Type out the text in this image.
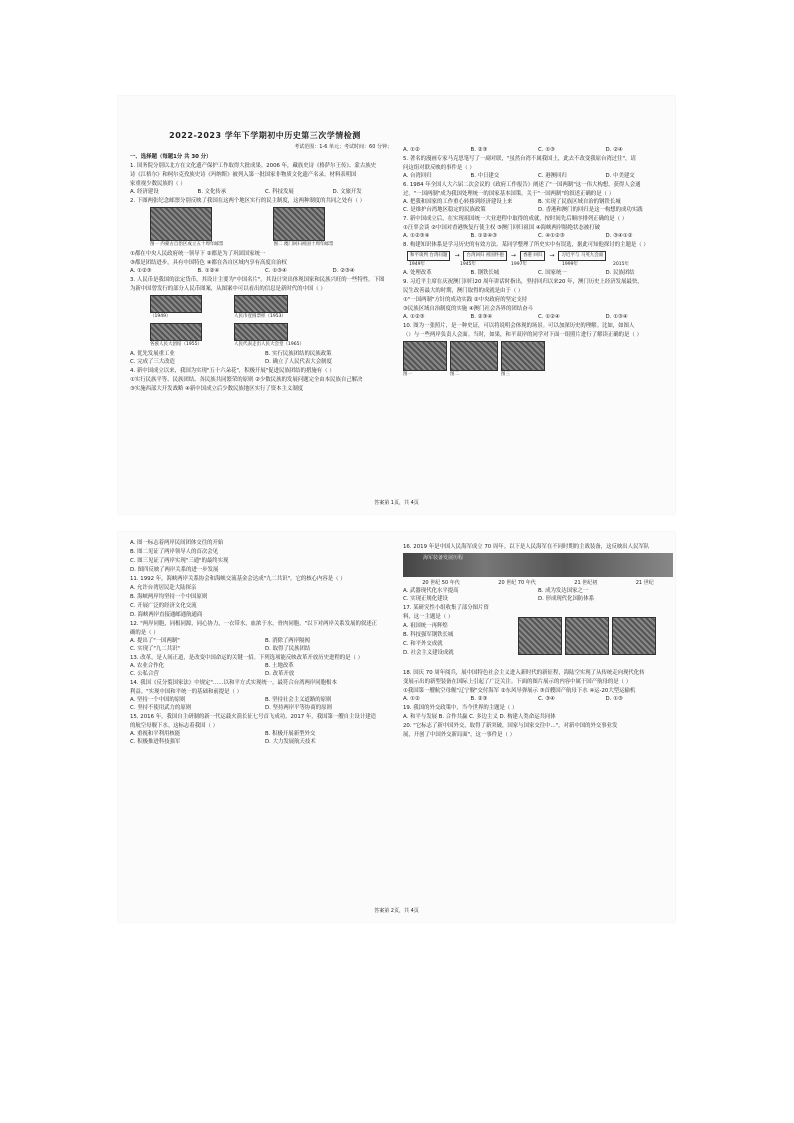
2022-2023 学年下学期初中历史第三次学情检测
考试范围：1-6 单元；考试时间：60 分钟；
一、选择题（每题1分 共 30 分）
1. 国务院分别以北方在文化遗产保护工作取得大批成果。2006 年，藏族史诗《格萨尔王传》、蒙古族史
诗《江格尔》和柯尔克孜族史诗《玛纳斯》被列入第一批国家非物质文化遗产名录。材料表明国
家重视少数民族的（ ）
A. 经济建设	B. 文化传承	C. 科技发展	D. 文旅开发
2. 下图两张纪念邮票分别反映了我国在这两个地区实行的民主制度，这两种制度的共同之处有（ ）
图一 内蒙古自治区成立五十周年邮票	图二 澳门回归祖国十周年邮票
①都在中央人民政府统一领导下 ②都是为了巩固国家统一
③都是团结进步，具有中国特色 ④都在各自区域内享有高度自治权
A. ①②③	B. ①②④	C. ①③④	D. ②③④
3. 人民币是我国的法定货币，其设计主要为"中国名片"。其设计突出体现国家和民族兴旺的一些特性。下图
为新中国曾发行的部分人民币图案，从图案中可以看出的信息是新时代的中国（ ）
（1949）	人民币壹圆票样（1953）
各族人民大团结（1955）	人民代表走出人民大会堂（1965）
A. 优先发展重工业	B. 实行民族团结的民族政策
C. 完成了三大改造	D. 确立了人民代表大会制度
4. 新中国成立以来，我国为实现"五十六朵花"，积极开展"促进民族团结的措施有（ ）
①实行民族平等、民族团结、各民族共同繁荣的原则 ②少数民族的发展问题完全由本民族自己解决
③实施西部大开发战略 ④新中国成立后少数民族地区实行了资本主义制度
A. ①②	B. ②③	C. ①③	D. ②④
5. 著名的漫画专家马克思笔写了一副对联，"虽然台湾不属我国土，此去不改变我原台湾过往"，请
问这组对联反映的事件是（ ）
A. 台湾回归	B. 中日建交	C. 港澳回归	D. 中美建交
6. 1984 年全国人大六届二次会议的《政府工作报告》阐述了"一国两制"这一伟大构想，获得人会通
过。"一国两制"成为我国处理统一的国家基本国策。关于"一国两制"的叙述正确的是（ ）
A. 把我和国家的工作重心转移到经济建设上来	B. 实现了民族区域自治的钢铁长城
C. 是维护台湾地区稳定的民族政策	D. 香港和澳门的回归是这一构想的成功实践
7. 新中国成立后，在实现祖国统一大业进程中取得的成就，按时间先后顺序排列正确的是（ ）
①汪辜会谈 ②中国对香港恢复行使主权 ③澳门回归祖国 ④海峡两岸隔绝状态被打破
A. ①②③④	B. ①②④③	C. ④①②③	D. ③④①②
8. 构建知识体系是学习历史的有效方法。某同学整理了所史实中有误选，据此可知他探讨的主题是（ ）
和平谈判 台湾问题	→	台湾回归 祖国怀抱	→	香港 回归	→	习近平与 马英九会面
1949年	1945年	1997年	1999年	2015年
A. 处理改革	B. 钢铁长城	C. 国家统一	D. 民族团结
9. 习近平主席在庆祝澳门回归20 周年讲话时指出，坚持回归以来20 年，澳门历史上经济发展最快，
民生改善最大的时期，澳门取得的成就是由于（ ）
①"一国两制"方针的成功实践 ②中央政府的坚定支持
③民族区域自治制度的实施 ④澳门社会各界的团结奋斗
A. ①②③	B. ②③④	C. ①②④	D. ①③④
10. 图为一张照片，是一种史证，可以将说明会体现的场景。可以加深历史的理解。比如，如图人
（）与一些两岸负责人会面。当时，如果，和平双岸的同学对下面一组照片进行了解读正确的是（ ）
图一	图二	图三
答案第 1页，共 4页
A. 图一标志着两岸民间团体交往的开始
B. 图二见证了两岸领导人的首次会见
C. 图三见证了两岸实现"三通"的最终实现
D. 图四反映了两岸关系的进一步发展
11. 1992 年，海峡两岸关系协会和海峡交流基金会达成"九二共识"。它的核心内容是（ ）
A. 允许台湾居民赴大陆探亲
B. 海峡两岸均坚持一个中国原则
C. 开展广泛的经济文化交流
D. 海峡两岸直接通邮通航通商
12. "两岸同胞，同根同源，同心协力，一衣带水，血浓于水，骨肉同胞。"以下对两岸关系发展的叙述正
确的是（ ）
A. 提出了"一国两制"	B. 消除了两岸隔阂
C. 实现了"九二共识"	D. 取得了民族团结
13. 改革，是人间正道，是改变中国命运的关键一招。下列选项能反映改革开放历史进程的是（ ）
A. 农业合作化	B. 土地改革
C. 公私合营	D. 改革开放
14. 我国《反分裂国家法》中规定"……以和平方式实现统一，最符合台湾两岸同胞根本
利益。"实现中国和平统一的基础和前提是（ ）
A. 坚持一个中国的原则	B. 坚持社会主义道路的原则
C. 坚持不使用武力的原则	D. 坚持两岸平等协商的原则
15. 2016 年，我国自主研制的新一代运载火箭长征七号首飞成功。2017 年，我国第一艘自主设计建造
的航空母舰下水。这标志着我国（ ）
A. 重视和平利用核能	B. 积极开展新型外交
C. 积极推进科技强军	D. 大力发展航天技术
16. 2019 年是中国人民海军成立 70 周年。以下是人民海军在不同时期的主战装备，这反映出人民军队
海军装备发展历程
20 世纪 50 年代	20 世纪 70 年代	21 世纪初	21 世纪
A. 武器现代化水平提高	B. 成为发达国家之一
C. 实现正规化建设	D. 形成现代化国防体系
17. 某研究性小组收集了部分图片资
料，这一主题是（ ）
A. 祖国统一再辉煌
B. 科技强军钢铁长城
C. 和平外交成就
D. 社会主义建设成就
18. 国庆 70 周年阅兵，展中国特色社会主义进入新时代的新征程，海陆空实现了从传统走向现代化转
变展示出的新型装备在国际上引起了广泛关注。下面的图片展示的内容中属于国产航母的是（ ）
①我国第一艘航空母舰"辽宁舰"交付海军 ②东风导弹展示 ③首艘国产航母下水 ④运-20大型运输机
A. ①②	B. ②③	C. ③④	D. ①③
19. 我国的外交政策中，当今世界的主题是（ ）
A. 和平与发展 B. 合作共赢 C. 多边主义 D. 构建人类命运共同体
20. "它标志了新中国外交，取得了新突破，国家与国家交往中..."，对新中国的外交事业发
展，开创了中国外交新局面"，这一事件是（ ）
答案第 2页，共 4页
